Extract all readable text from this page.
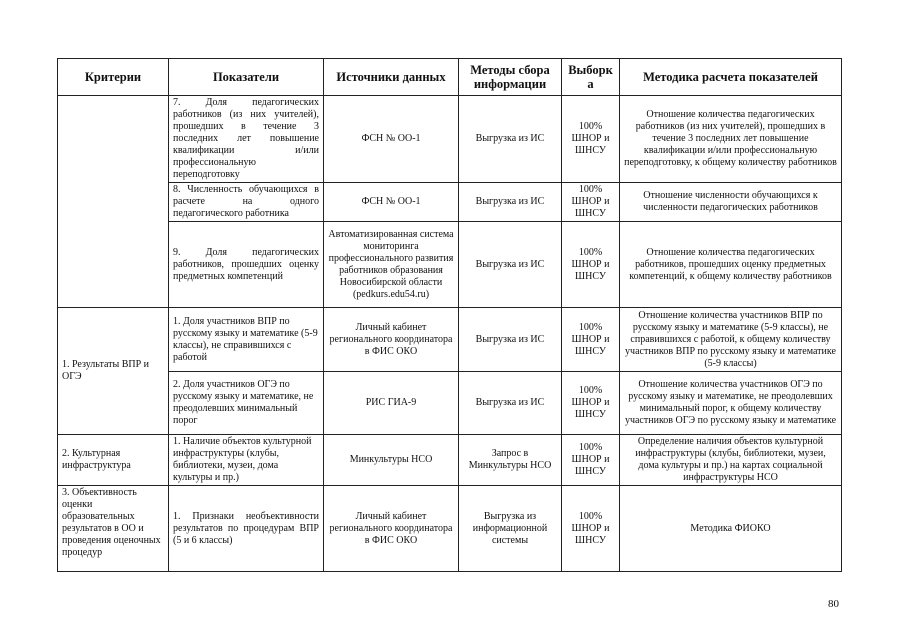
Критерии	Показатели	Источники данных	Методы сбора информации	Выборк а	Методика расчета показателей
	7. Доля педагогических работников (из них учителей), прошедших в течение 3 последних лет повышение квалификации и/или профессиональную переподготовку	ФСН № ОО-1	Выгрузка из ИС	100% ШНОР и ШНСУ	Отношение количества педагогических работников (из них учителей), прошедших в течение 3 последних лет повышение квалификации и/или профессиональную переподготовку, к общему количеству работников
	8. Численность обучающихся в расчете на одного педагогического работника	ФСН № ОО-1	Выгрузка из ИС	100% ШНОР и ШНСУ	Отношение численности обучающихся к численности педагогических работников
	9. Доля педагогических работников, прошедших оценку предметных компетенций	Автоматизированная система мониторинга профессионального развития работников образования Новосибирской области (pedkurs.edu54.ru)	Выгрузка из ИС	100% ШНОР и ШНСУ	Отношение количества педагогических работников, прошедших оценку предметных компетенций, к общему количеству работников
1. Результаты ВПР и ОГЭ	1. Доля участников ВПР по русскому языку и математике (5-9 классы), не справившихся с работой	Личный кабинет регионального координатора в ФИС ОКО	Выгрузка из ИС	100% ШНОР и ШНСУ	Отношение количества участников ВПР по русскому языку и математике (5-9 классы), не справившихся с работой, к общему количеству участников ВПР по русскому языку и математике (5-9 классы)
	2. Доля участников ОГЭ по русскому языку и математике, не преодолевших минимальный порог	РИС ГИА-9	Выгрузка из ИС	100% ШНОР и ШНСУ	Отношение количества участников ОГЭ по русскому языку и математике, не преодолевших минимальный порог, к общему количеству участников ОГЭ по русскому языку и математике
2. Культурная инфраструктура	1. Наличие объектов культурной инфраструктуры (клубы, библиотеки, музеи, дома культуры и пр.)	Минкультуры НСО	Запрос в Минкультуры НСО	100% ШНОР и ШНСУ	Определение наличия объектов культурной инфраструктуры (клубы, библиотеки, музеи, дома культуры и пр.) на картах социальной инфраструктуры НСО
3. Объективность оценки образовательных результатов в ОО и проведения оценочных процедур	1. Признаки необъективности результатов по процедурам ВПР (5 и 6 классы)	Личный кабинет регионального координатора в ФИС ОКО	Выгрузка из информационной системы	100% ШНОР и ШНСУ	Методика ФИОКО
80
